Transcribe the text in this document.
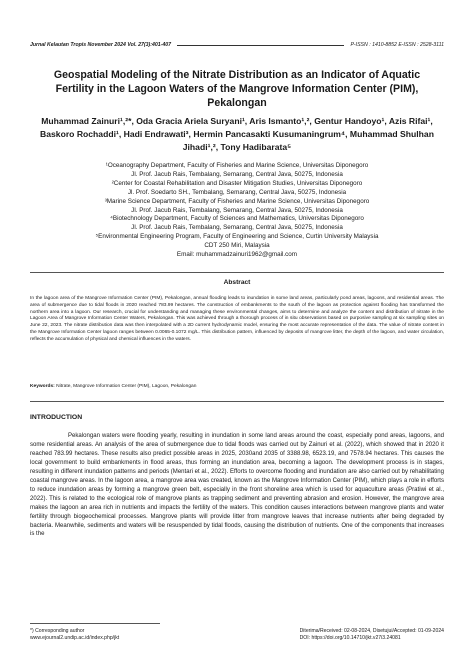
Jurnal Kelautan Tropis November 2024 Vol. 27(3):401-407	P-ISSN : 1410-8852 E-ISSN : 2528-3111
Geospatial Modeling of the Nitrate Distribution as an Indicator of Aquatic Fertility in the Lagoon Waters of the Mangrove Information Center (PIM), Pekalongan
Muhammad Zainuri¹,²*, Oda Gracia Ariela Suryani¹, Aris Ismanto¹,², Gentur Handoyo¹, Azis Rifai¹, Baskoro Rochaddi¹, Hadi Endrawati³, Hermin Pancasakti Kusumaningrum⁴, Muhammad Shulhan Jihadi¹,², Tony Hadibarata⁵
¹Oceanography Department, Faculty of Fisheries and Marine Science, Universitas Diponegoro
Jl. Prof. Jacub Rais, Tembalang, Semarang, Central Java, 50275, Indonesia
²Center for Coastal Rehabilitation and Disaster Mitigation Studies, Universitas Diponegoro
Jl. Prof. Soedarto SH., Tembalang, Semarang, Central Java, 50275, Indonesia
³Marine Science Department, Faculty of Fisheries and Marine Science, Universitas Diponegoro
Jl. Prof. Jacub Rais, Tembalang, Semarang, Central Java, 50275, Indonesia
⁴Biotechnology Department, Faculty of Sciences and Mathematics, Universitas Diponegoro
Jl. Prof. Jacub Rais, Tembalang, Semarang, Central Java, 50275, Indonesia
⁵Environmental Engineering Program, Faculty of Engineering and Science, Curtin University Malaysia
CDT 250 Miri, Malaysia
Email: muhammadzainuri1962@gmail.com
Abstract
In the lagoon area of the Mangrove Information Center (PIM), Pekalongan, annual flooding leads to inundation in some land areas, particularly pond areas, lagoons, and residential areas. The area of submergence due to tidal floods in 2020 reached 783.99 hectares. The construction of embankments to the south of the lagoon as protection against flooding has transformed the northern area into a lagoon. Our research, crucial for understanding and managing these environmental changes, aims to determine and analyze the content and distribution of nitrate in the Lagoon Area of Mangrove Information Center Waters, Pekalongan. This was achieved through a thorough process of in situ observations based on purposive sampling at six sampling sites on June 22, 2023. The nitrate distribution data was then interpolated with a 2D current hydrodynamic model, ensuring the most accurate representation of the data. The value of nitrate content in the Mangrove Information Center lagoon ranges between 0.0065-0.1072 mg/L. This distribution pattern, influenced by deposits of mangrove litter, the depth of the lagoon, and water circulation, reflects the accumulation of physical and chemical influences in the waters.
Keywords: Nitrate, Mangrove Information Center (PIM), Lagoon, Pekalongan
INTRODUCTION

Pekalongan waters were flooding yearly, resulting in inundation in some land areas around the coast, especially pond areas, lagoons, and some residential areas. An analysis of the area of submergence due to tidal floods was carried out by Zainuri et al. (2022), which showed that in 2020 it reached 783.99 hectares. These results also predict possible areas in 2025, 2030and 2035 of 3388.98, 6523.19, and 7578.94 hectares. This causes the local government to build embankments in flood areas, thus forming an inundation area, becoming a lagoon. The development process is in stages, resulting in different inundation patterns and periods (Mentari et al., 2022). Efforts to overcome flooding and inundation are also carried out by rehabilitating coastal mangrove areas. In the lagoon area, a mangrove area was created, known as the Mangrove Information Center (PIM), which plays a role in efforts to reduce inundation areas by forming a mangrove green belt, especially in the front shoreline area which is used for aquaculture areas (Pratiwi et al., 2022). This is related to the ecological role of mangrove plants as trapping sediment and preventing abrasion and erosion. However, the mangrove area makes the lagoon an area rich in nutrients and impacts the fertility of the waters. This condition causes interactions between mangrove plants and water fertility through biogeochemical processes. Mangrove plants will provide litter from mangrove leaves that increase nutrients after being degraded by bacteria. Meanwhile, sediments and waters will be resuspended by tidal floods, causing the distribution of nutrients. One of the components that increases is the

*) Corresponding author
www.ejournal2.undip.ac.id/index.php/jkt
Diterima/Received: 02-08-2024, Disetujui/Accepted: 01-09-2024
DOI: https://doi.org/10.14710/jkt.v27i3.24081
